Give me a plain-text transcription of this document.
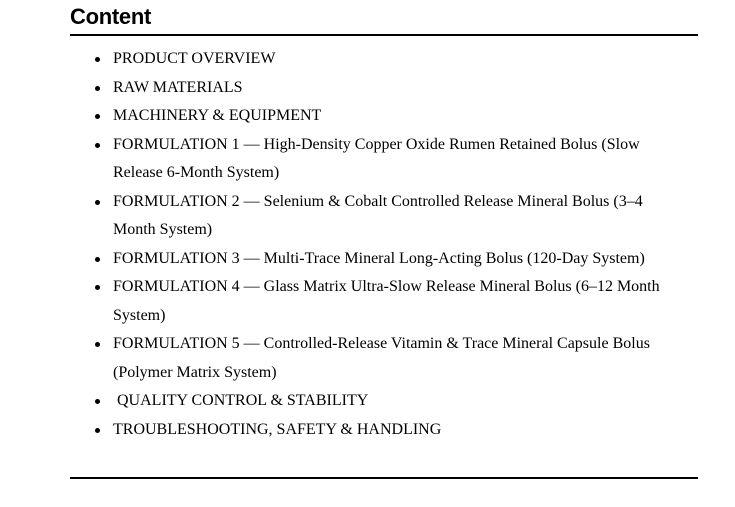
Content
PRODUCT OVERVIEW
RAW MATERIALS
MACHINERY & EQUIPMENT
FORMULATION 1 — High-Density Copper Oxide Rumen Retained Bolus (Slow Release 6-Month System)
FORMULATION 2 — Selenium & Cobalt Controlled Release Mineral Bolus (3–4 Month System)
FORMULATION 3 — Multi-Trace Mineral Long-Acting Bolus (120-Day System)
FORMULATION 4 — Glass Matrix Ultra-Slow Release Mineral Bolus (6–12 Month System)
FORMULATION 5 — Controlled-Release Vitamin & Trace Mineral Capsule Bolus (Polymer Matrix System)
QUALITY CONTROL & STABILITY
TROUBLESHOOTING, SAFETY & HANDLING
